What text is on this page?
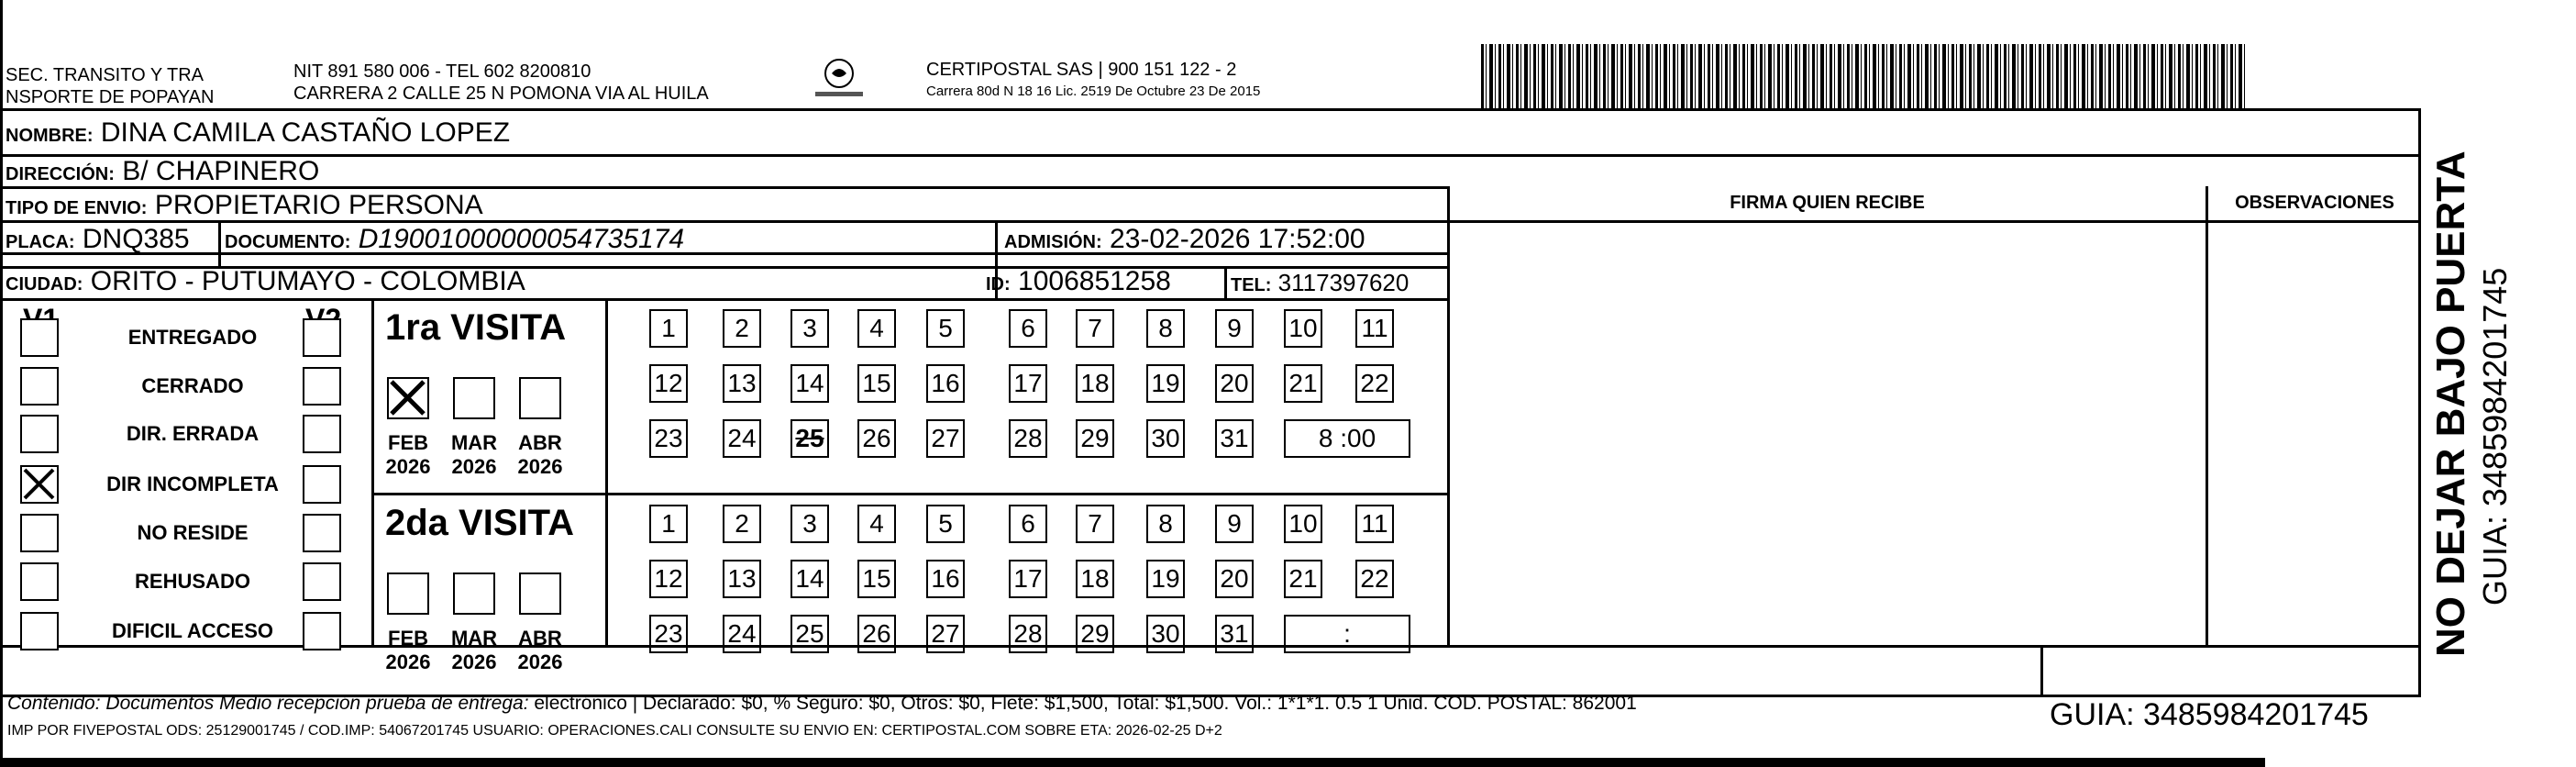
SEC. TRANSITO Y TRA
NSPORTE DE POPAYAN
NIT 891 580 006 - TEL 602 8200810
CARRERA 2 CALLE 25 N POMONA VIA AL HUILA
CERTIPOSTAL SAS | 900 151 122 - 2
Carrera 80d N 18 16 Lic. 2519 De Octubre 23 De 2015
NOMBRE: DINA CAMILA CASTAÑO LOPEZ
DIRECCIÓN: B/ CHAPINERO
TIPO DE ENVIO: PROPIETARIO PERSONA
PLACA: DNQ385 DOCUMENTO: D19001000000054735174	ADMISIÓN: 23-02-2026 17:52:00
CIUDAD: ORITO - PUTUMAYO - COLOMBIA	ID: 1006851258	TEL: 3117397620
FIRMA QUIEN RECIBE	OBSERVACIONES
ENTREGADO
CERRADO
DIR. ERRADA
DIR INCOMPLETA
NO RESIDE
REHUSADO
DIFICIL ACCESO
1ra VISITA
2da VISITA
FEB
2026
MAR
2026
ABR
2026
1	2	3	4	5	6	7	8	9	10 11
12 13 14 15 16 17 18 19 20 21 22
23 24 25 26 27 28 29 30 31	8 :00
FEB
2026
MAR
2026
ABR
2026
1	2	3	4	5	6	7	8	9	10 11
12 13 14 15 16 17 18 19 20 21 22
23 24 25 26 27 28 29 30 31	:
Contenido: Documentos Medio recepción prueba de entrega: electrónico | Declarado: $0, % Seguro: $0, Otros: $0, Flete: $1,500, Total: $1,500. Vol.: 1*1*1. 0.5 1 Unid. COD. POSTAL: 862001
IMP POR FIVEPOSTAL ODS: 25129001745 / COD.IMP: 54067201745 USUARIO: OPERACIONES.CALI CONSULTE SU ENVIO EN: CERTIPOSTAL.COM SOBRE ETA: 2026-02-25 D+2	GUIA: 3485984201745
NO DEJAR BAJO PUERTA GUIA: 3485984201745
